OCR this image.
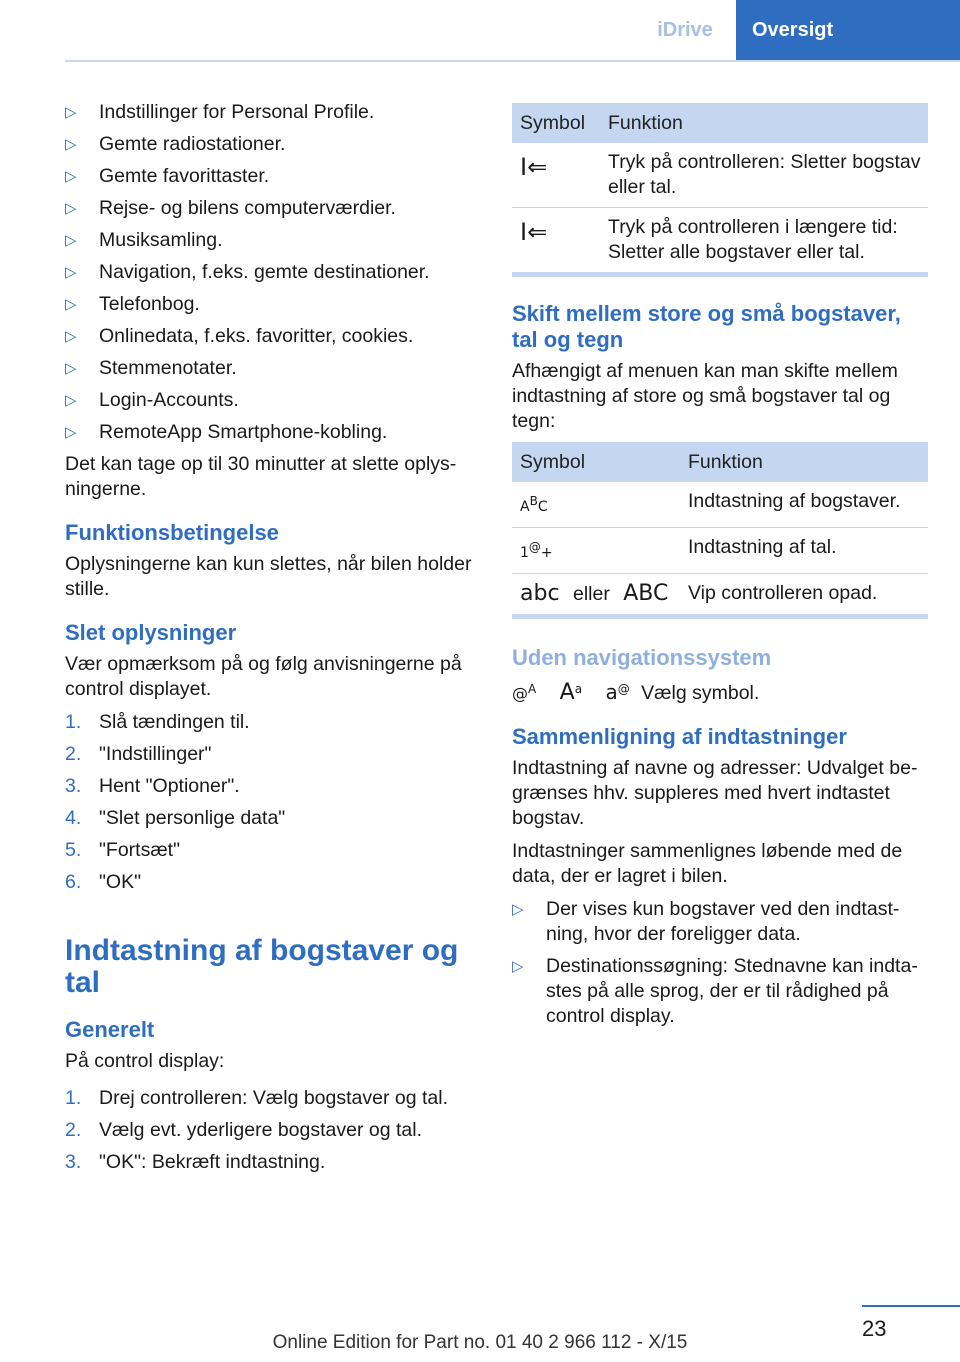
iDrive	Oversigt
▷ Indstillinger for Personal Profile.
▷ Gemte radiostationer.
▷ Gemte favorittaster.
▷ Rejse- og bilens computerværdier.
▷ Musiksamling.
▷ Navigation, f.eks. gemte destinationer.
▷ Telefonbog.
▷ Onlinedata, f.eks. favoritter, cookies.
▷ Stemmenotater.
▷ Login-Accounts.
▷ RemoteApp Smartphone-kobling.

Det kan tage op til 30 minutter at slette oplysningerne.

Funktionsbetingelse

Oplysningerne kan kun slettes, når bilen holder stille.

Slet oplysninger

Vær opmærksom på og følg anvisningerne på control displayet.

1. Slå tændingen til.
2. "Indstillinger"
3. Hent "Optioner".
4. "Slet personlige data"
5. "Fortsæt"
6. "OK"
Indtastning af bogstaver og tal
Generelt

På control display:

1. Drej controlleren: Vælg bogstaver og tal.
2. Vælg evt. yderligere bogstaver og tal.
3. "OK": Bekræft indtastning.
Symbol	Funktion
I⇐	Tryk på controlleren: Sletter bogstav eller tal.
I⇐	Tryk på controlleren i længere tid: Sletter alle bogstaver eller tal.
Skift mellem store og små bogstaver, tal og tegn

Afhængigt af menuen kan man skifte mellem indtastning af store og små bogstaver tal og tegn:

Symbol	Funktion
$A^BC$	Indtastning af bogstaver.
1@+	Indtastning af tal.
abc eller ABC	Vip controlleren opad.
Uden navigationssystem

@$^A$ $A^a$ a@ Vælg symbol.

Sammenligning af indtastninger

Indtastning af navne og adresser: Udvalget begrænses hhv. suppleres med hvert indtastet bogstav.

Indtastninger sammenlignes løbende med de data, der er lagret i bilen.

▷ Der vises kun bogstaver ved den indtastning, hvor der foreligger data.
▷ Destinationssøgning: Stednavne kan indtastes på alle sprog, der er til rådighed på control display.
23
Online Edition for Part no. 01 40 2 966 112 - X/15
